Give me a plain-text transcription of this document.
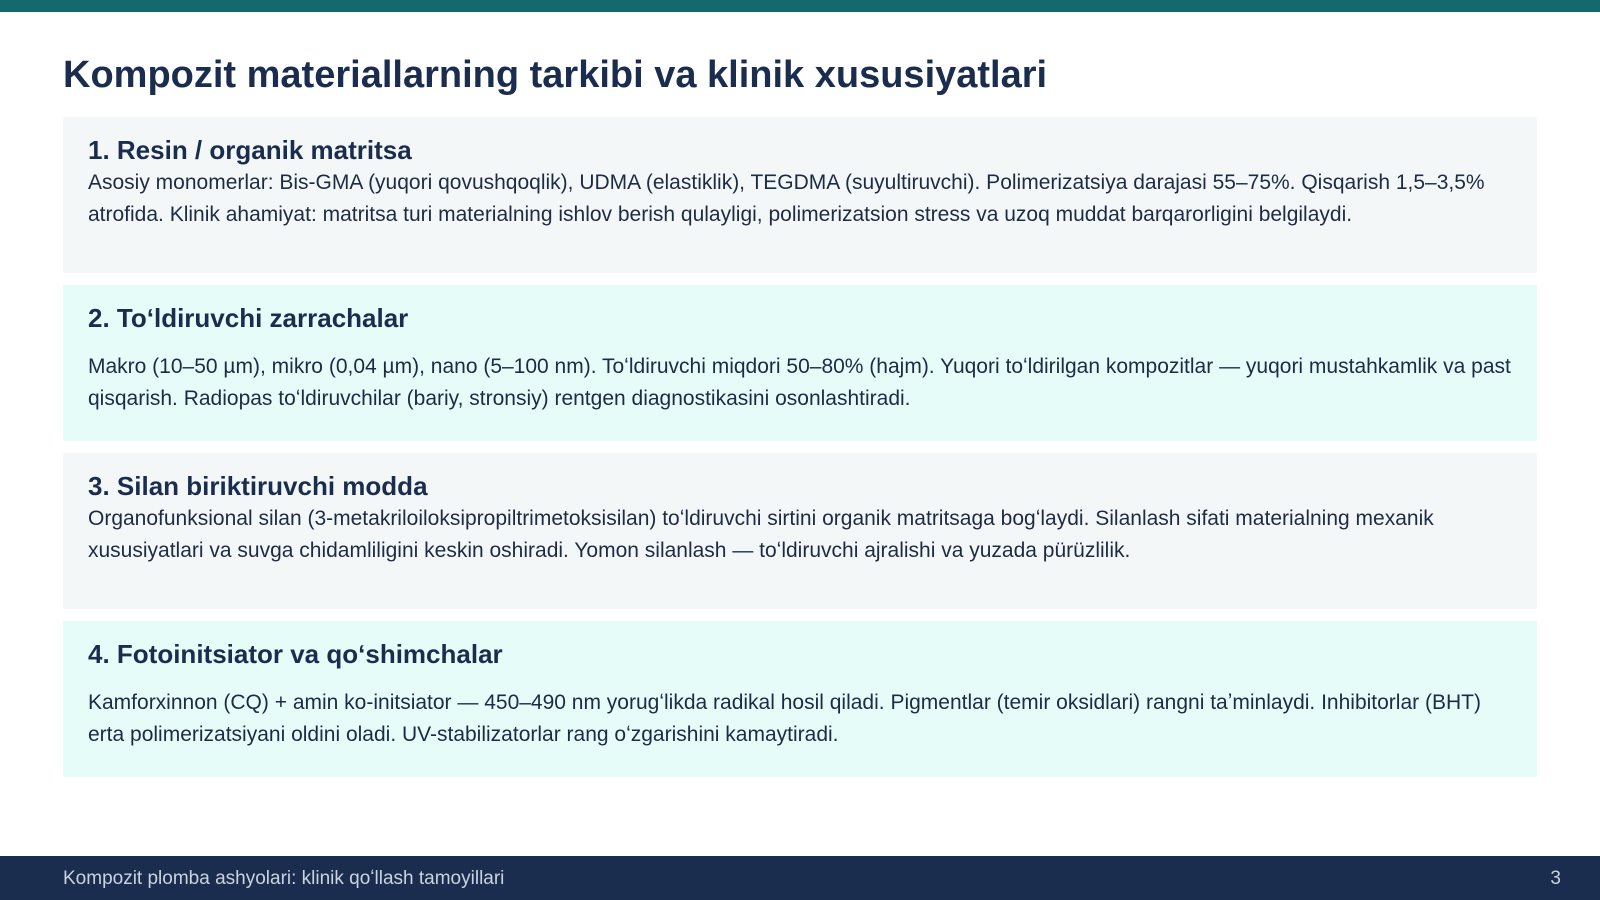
Kompozit materiallarning tarkibi va klinik xususiyatlari
1. Resin / organik matritsa

Asosiy monomerlar: Bis-GMA (yuqori qovushqoqlik), UDMA (elastiklik), TEGDMA (suyultiruvchi). Polimerizatsiya darajasi 55–75%. Qisqarish 1,5–3,5% atrofida. Klinik ahamiyat: matritsa turi materialning ishlov berish qulayligi, polimerizatsion stress va uzoq muddat barqarorligini belgilaydi.

2. Toʻldiruvchi zarrachalar

Makro (10–50 µm), mikro (0,04 µm), nano (5–100 nm). Toʻldiruvchi miqdori 50–80% (hajm). Yuqori toʻldirilgan kompozitlar — yuqori mustahkamlik va past qisqarish. Radiopas toʻldiruvchilar (bariy, stronsiy) rentgen diagnostikasini osonlashtiradi.

3. Silan biriktiruvchi modda

Organofunksional silan (3-metakriloiloksipropiltrimetoksisilan) toʻldiruvchi sirtini organik matritsaga bogʻlaydi. Silanlash sifati materialning mexanik xususiyatlari va suvga chidamliligini keskin oshiradi. Yomon silanlash — toʻldiruvchi ajralishi va yuzada pürüzlilik.

4. Fotoinitsiator va qoʻshimchalar

Kamforxinnon (CQ) + amin ko-initsiator — 450–490 nm yorugʻlikda radikal hosil qiladi. Pigmentlar (temir oksidlari) rangni taʼminlaydi. Inhibitorlar (BHT) erta polimerizatsiyani oldini oladi. UV-stabilizatorlar rang oʻzgarishini kamaytiradi.

Kompozit plomba ashyolari: klinik qoʻllash tamoyillari	3
